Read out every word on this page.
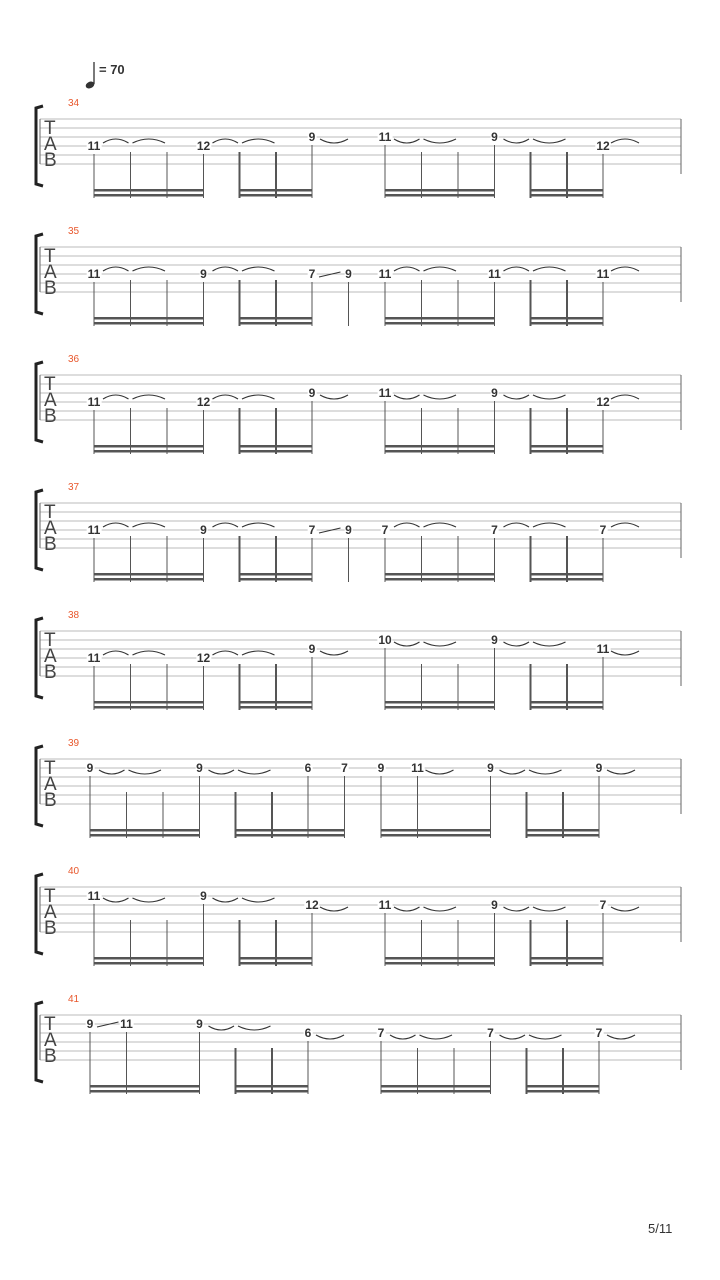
= 70
T
A
B
34
11	12
9	11	9
12
T
A
B
35
11	9	7 9 11	11	11
T
A
B
36
11	12
9	11	9
12
T
A
B
37
11	9	7 9 7	7	7
T
A
B
38
11	12
9
10	9
11
T
A
B
39
9	9	6 7 9 11	9	9
T
A
B
40
11	9
12	11	9	7
T
A
B
41
9 11	9
6	7	7	7
5/11
